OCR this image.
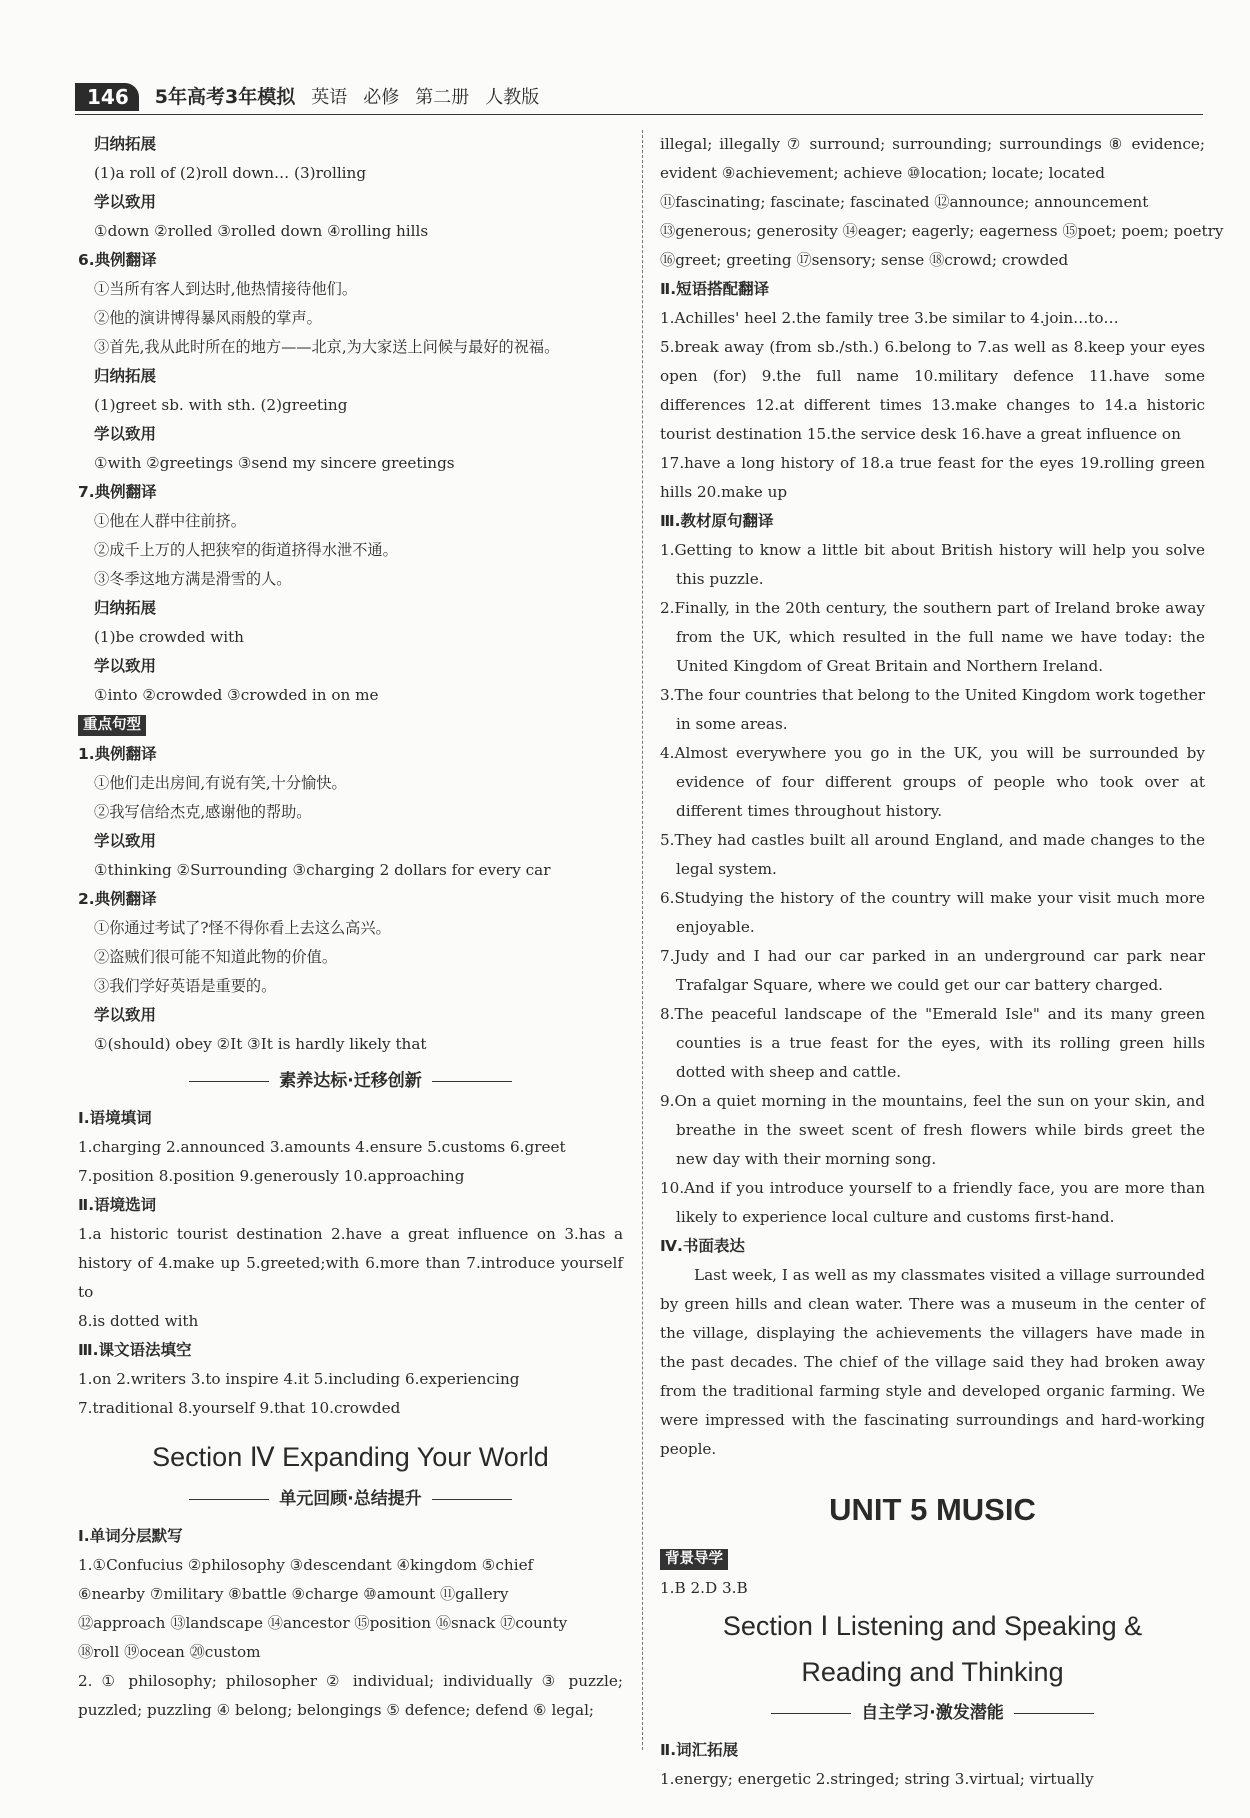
146	5年高考3年模拟 英语 必修 第二册 人教版
归纳拓展
(1)a roll of (2)roll down… (3)rolling
学以致用
①down ②rolled ③rolled down ④rolling hills
6.典例翻译
①当所有客人到达时,他热情接待他们。
②他的演讲博得暴风雨般的掌声。
③首先,我从此时所在的地方——北京,为大家送上问候与最好的祝福。
归纳拓展
(1)greet sb. with sth. (2)greeting
学以致用
①with ②greetings ③send my sincere greetings
7.典例翻译
①他在人群中往前挤。
②成千上万的人把狭窄的街道挤得水泄不通。
③冬季这地方满是滑雪的人。
归纳拓展
(1)be crowded with
学以致用
①into ②crowded ③crowded in on me
重点句型
1.典例翻译
①他们走出房间,有说有笑,十分愉快。
②我写信给杰克,感谢他的帮助。
学以致用
①thinking ②Surrounding ③charging 2 dollars for every car
2.典例翻译
①你通过考试了?怪不得你看上去这么高兴。
②盗贼们很可能不知道此物的价值。
③我们学好英语是重要的。
学以致用
①(should) obey ②It ③It is hardly likely that
素养达标·迁移创新
Ⅰ.语境填词
1.charging 2.announced 3.amounts 4.ensure 5.customs 6.greet
7.position 8.position 9.generously 10.approaching
Ⅱ.语境选词
1.a historic tourist destination 2.have a great influence on 3.has a history of 4.make up 5.greeted;with 6.more than 7.introduce yourself to
8.is dotted with
Ⅲ.课文语法填空
1.on 2.writers 3.to inspire 4.it 5.including 6.experiencing
7.traditional 8.yourself 9.that 10.crowded
Section Ⅳ Expanding Your World
单元回顾·总结提升
Ⅰ.单词分层默写
1.①Confucius ②philosophy ③descendant ④kingdom ⑤chief
⑥nearby ⑦military ⑧battle ⑨charge ⑩amount ⑪gallery
⑫approach ⑬landscape ⑭ancestor ⑮position ⑯snack ⑰county
⑱roll ⑲ocean ⑳custom
2. ① philosophy; philosopher ② individual; individually ③ puzzle; puzzled; puzzling ④ belong; belongings ⑤ defence; defend ⑥ legal;
illegal; illegally ⑦ surround; surrounding; surroundings ⑧ evidence; evident ⑨achievement; achieve ⑩location; locate; located
⑪fascinating; fascinate; fascinated ⑫announce; announcement
⑬generous; generosity ⑭eager; eagerly; eagerness ⑮poet; poem; poetry
⑯greet; greeting ⑰sensory; sense ⑱crowd; crowded
Ⅱ.短语搭配翻译
1.Achilles' heel 2.the family tree 3.be similar to 4.join…to…
5.break away (from sb./sth.) 6.belong to 7.as well as 8.keep your eyes open (for) 9.the full name 10.military defence 11.have some differences 12.at different times 13.make changes to 14.a historic tourist destination 15.the service desk 16.have a great influence on
17.have a long history of 18.a true feast for the eyes 19.rolling green hills 20.make up
Ⅲ.教材原句翻译
1.Getting to know a little bit about British history will help you solve this puzzle.
2.Finally, in the 20th century, the southern part of Ireland broke away from the UK, which resulted in the full name we have today: the United Kingdom of Great Britain and Northern Ireland.
3.The four countries that belong to the United Kingdom work together in some areas.
4.Almost everywhere you go in the UK, you will be surrounded by evidence of four different groups of people who took over at different times throughout history.
5.They had castles built all around England, and made changes to the legal system.
6.Studying the history of the country will make your visit much more enjoyable.
7.Judy and I had our car parked in an underground car park near Trafalgar Square, where we could get our car battery charged.
8.The peaceful landscape of the "Emerald Isle" and its many green counties is a true feast for the eyes, with its rolling green hills dotted with sheep and cattle.
9.On a quiet morning in the mountains, feel the sun on your skin, and breathe in the sweet scent of fresh flowers while birds greet the new day with their morning song.
10.And if you introduce yourself to a friendly face, you are more than likely to experience local culture and customs first-hand.
Ⅳ.书面表达
Last week, I as well as my classmates visited a village surrounded by green hills and clean water. There was a museum in the center of the village, displaying the achievements the villagers have made in the past decades. The chief of the village said they had broken away from the traditional farming style and developed organic farming. We were impressed with the fascinating surroundings and hard-working people.
UNIT 5 MUSIC
背景导学
1.B 2.D 3.B
Section Ⅰ Listening and Speaking &
Reading and Thinking
自主学习·激发潜能
Ⅱ.词汇拓展
1.energy; energetic 2.stringed; string 3.virtual; virtually
